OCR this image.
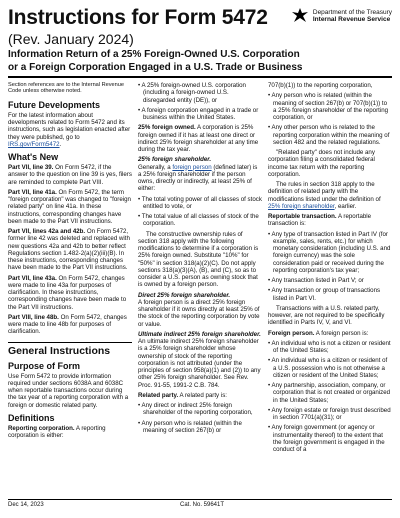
Instructions for Form 5472
(Rev. January 2024)
Information Return of a 25% Foreign-Owned U.S. Corporation
or a Foreign Corporation Engaged in a U.S. Trade or Business
Department of the Treasury
Internal Revenue Service

Section references are to the Internal Revenue Code unless otherwise noted.

Future Developments

For the latest information about developments related to Form 5472 and its instructions, such as legislation enacted after they were published, go to IRS.gov/Form5472.

What's New

Part VII, line 39. On Form 5472, if the answer to the question on line 39 is yes, filers are reminded to complete Part VIII.

Part VII, line 41a. On Form 5472, the term "foreign corporation" was changed to "foreign related party" on line 41a. In these instructions, corresponding changes have been made to the Part VII instructions.

Part VII, lines 42a and 42b. On Form 5472, former line 42 was deleted and replaced with new questions 42a and 42b to better reflect Regulations section 1.482-2(a)(2)(iii)(B). In these instructions, corresponding changes have been made to the Part VII instructions.

Part VII, line 43a. On Form 5472, changes were made to line 43a for purposes of clarification. In these instructions, corresponding changes have been made to the Part VII instructions.

Part VIII, line 48b. On Form 5472, changes were made to line 48b for purposes of clarification.

General Instructions
Purpose of Form

Use Form 5472 to provide information required under sections 6038A and 6038C when reportable transactions occur during the tax year of a reporting corporation with a foreign or domestic related party.

Definitions

Reporting corporation. A reporting corporation is either:

• A 25% foreign-owned U.S. corporation (including a foreign-owned U.S. disregarded entity (DE)), or

• A foreign corporation engaged in a trade or business within the United States.

25% foreign owned. A corporation is 25% foreign owned if it has at least one direct or indirect 25% foreign shareholder at any time during the tax year.

25% foreign shareholder.
Generally, a foreign person (defined later) is a 25% foreign shareholder if the person owns, directly or indirectly, at least 25% of either:

• The total voting power of all classes of stock entitled to vote, or

• The total value of all classes of stock of the corporation.

The constructive ownership rules of section 318 apply with the following modifications to determine if a corporation is 25% foreign owned. Substitute "10%" for "50%" in section 318(a)(2)(C). Do not apply sections 318(a)(3)(A), (B), and (C), so as to consider a U.S. person as owning stock that is owned by a foreign person.

Direct 25% foreign shareholder.
A foreign person is a direct 25% foreign shareholder if it owns directly at least 25% of the stock of the reporting corporation by vote or value.

Ultimate indirect 25% foreign shareholder. An ultimate indirect 25% foreign shareholder is a 25% foreign shareholder whose ownership of stock of the reporting corporation is not attributed (under the principles of section 958(a)(1) and (2)) to any other 25% foreign shareholder. See Rev. Proc. 91-55, 1991-2 C.B. 784.

Related party. A related party is:

• Any direct or indirect 25% foreign shareholder of the reporting corporation,

• Any person who is related (within the meaning of section 267(b) or

707(b)(1)) to the reporting corporation,

• Any person who is related (within the meaning of section 267(b) or 707(b)(1)) to a 25% foreign shareholder of the reporting corporation, or

• Any other person who is related to the reporting corporation within the meaning of section 482 and the related regulations.

"Related party" does not include any corporation filing a consolidated federal income tax return with the reporting corporation.

The rules in section 318 apply to the definition of related party with the modifications listed under the definition of 25% foreign shareholder, earlier.

Reportable transaction. A reportable transaction is:

• Any type of transaction listed in Part IV (for example, sales, rents, etc.) for which monetary consideration (including U.S. and foreign currency) was the sole consideration paid or received during the reporting corporation's tax year;

• Any transaction listed in Part V; or

• Any transaction or group of transactions listed in Part VI.

Transactions with a U.S. related party, however, are not required to be specifically identified in Parts IV, V, and VI.

Foreign person. A foreign person is:

• An individual who is not a citizen or resident of the United States;

• An individual who is a citizen or resident of a U.S. possession who is not otherwise a citizen or resident of the United States;

• Any partnership, association, company, or corporation that is not created or organized in the United States;

• Any foreign estate or foreign trust described in section 7701(a)(31); or

• Any foreign government (or agency or instrumentality thereof) to the extent that the foreign government is engaged in the conduct of a

Dec 14, 2023	Cat. No. 59641T
